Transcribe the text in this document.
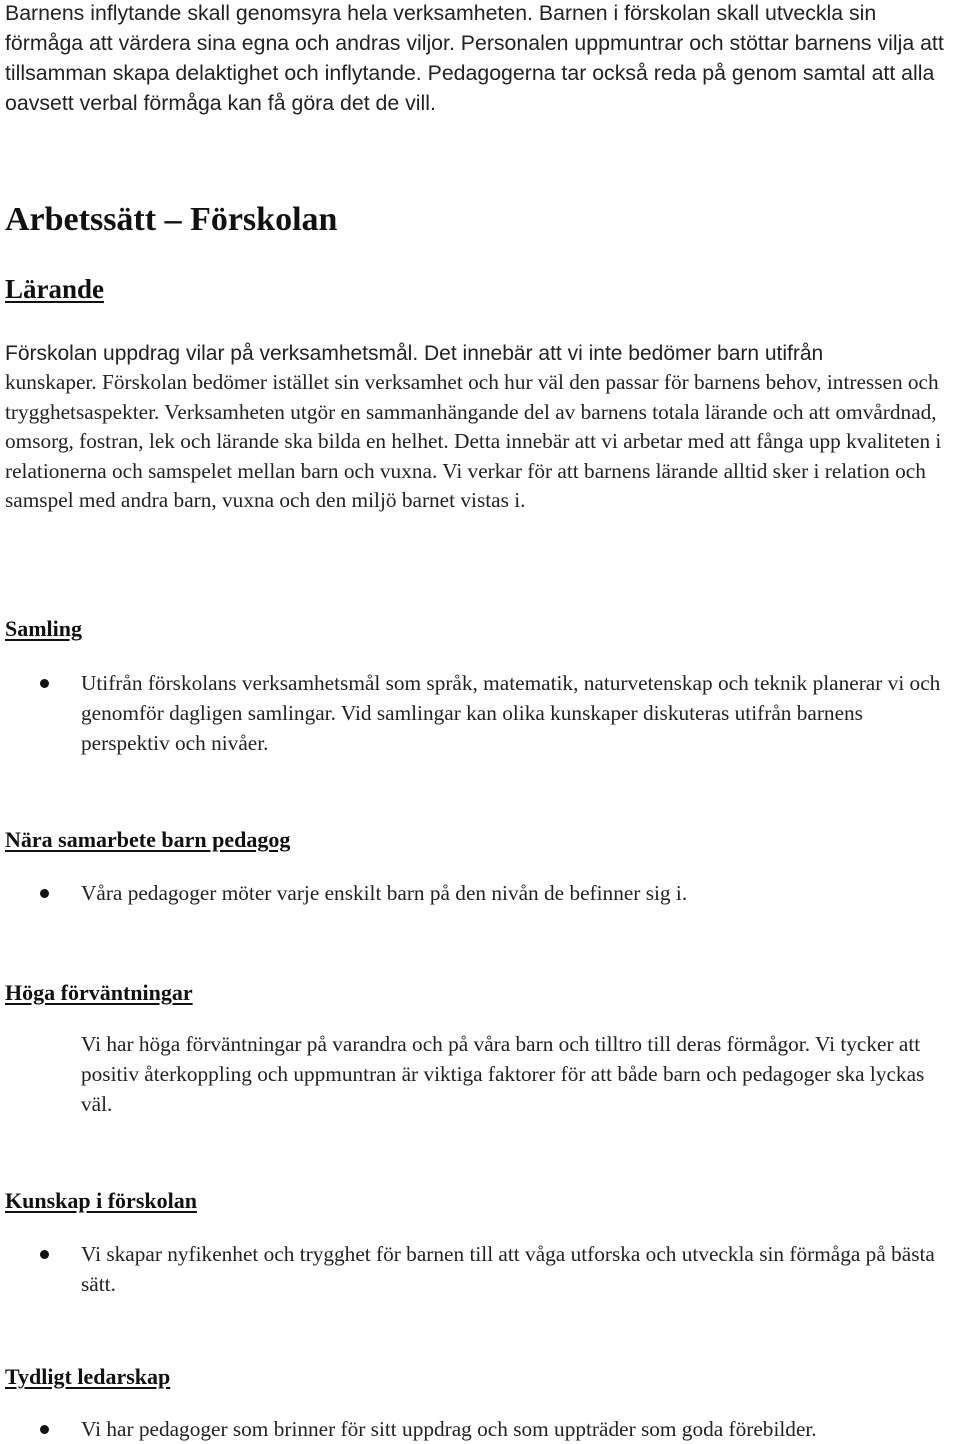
Barnens inflytande skall genomsyra hela verksamheten. Barnen i förskolan skall utveckla sin förmåga att värdera sina egna och andras viljor. Personalen uppmuntrar och stöttar barnens vilja att tillsamman skapa delaktighet och inflytande. Pedagogerna tar också reda på genom samtal att alla oavsett verbal förmåga kan få göra det de vill.

Arbetssätt – Förskolan
Lärande

Förskolan uppdrag vilar på verksamhetsmål. Det innebär att vi inte bedömer barn utifrån

kunskaper. Förskolan bedömer istället sin verksamhet och hur väl den passar för barnens behov, intressen och trygghetsaspekter. Verksamheten utgör en sammanhängande del av barnens totala lärande och att omvårdnad, omsorg, fostran, lek och lärande ska bilda en helhet. Detta innebär att vi arbetar med att fånga upp kvaliteten i relationerna och samspelet mellan barn och vuxna. Vi verkar för att barnens lärande alltid sker i relation och samspel med andra barn, vuxna och den miljö barnet vistas i.

Samling

Utifrån förskolans verksamhetsmål som språk, matematik, naturvetenskap och teknik planerar vi och genomför dagligen samlingar. Vid samlingar kan olika kunskaper diskuteras utifrån barnens perspektiv och nivåer.

Nära samarbete barn pedagog

Våra pedagoger möter varje enskilt barn på den nivån de befinner sig i.

Höga förväntningar

Vi har höga förväntningar på varandra och på våra barn och tilltro till deras förmågor. Vi tycker att positiv återkoppling och uppmuntran är viktiga faktorer för att både barn och pedagoger ska lyckas väl.

Kunskap i förskolan

Vi skapar nyfikenhet och trygghet för barnen till att våga utforska och utveckla sin förmåga på bästa sätt.

Tydligt ledarskap

Vi har pedagoger som brinner för sitt uppdrag och som uppträder som goda förebilder.
